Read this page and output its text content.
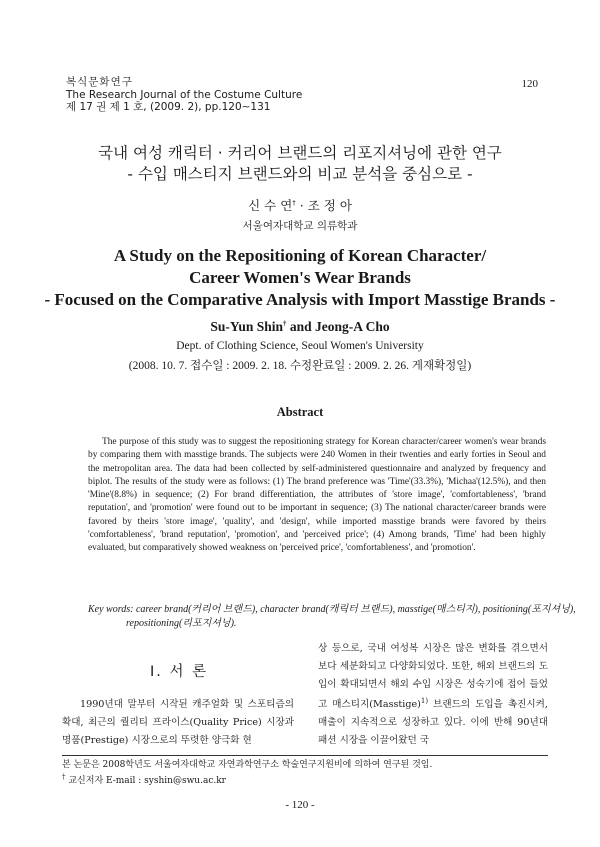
복식문화연구
The Research Journal of the Costume Culture
제 17 권 제 1 호, (2009. 2), pp.120∼131
120
국내 여성 캐릭터 · 커리어 브랜드의 리포지셔닝에 관한 연구
- 수입 매스티지 브랜드와의 비교 분석을 중심으로 -
신 수 연† · 조 정 아
서울여자대학교 의류학과
A Study on the Repositioning of Korean Character/
Career Women's Wear Brands
- Focused on the Comparative Analysis with Import Masstige Brands -
Su-Yun Shin† and Jeong-A Cho
Dept. of Clothing Science, Seoul Women's University
(2008. 10. 7. 접수일 : 2009. 2. 18. 수정완료일 : 2009. 2. 26. 게재확정일)
Abstract

The purpose of this study was to suggest the repositioning strategy for Korean character/career women's wear brands by comparing them with masstige brands. The subjects were 240 Women in their twenties and early forties in Seoul and the metropolitan area. The data had been collected by self-administered questionnaire and analyzed by frequency and biplot. The results of the study were as follows: (1) The brand preference was 'Time'(33.3%), 'Michaa'(12.5%), and then 'Mine'(8.8%) in sequence; (2) For brand differentiation, the attributes of 'store image', 'comfortableness', 'brand reputation', and 'promotion' were found out to be important in sequence; (3) The national character/career brands were favored by theirs 'store image', 'quality', and 'design', while imported masstige brands were favored by theirs 'comfortableness', 'brand reputation', 'promotion', and 'perceived price'; (4) Among brands, 'Time' had been highly evaluated, but comparatively showed weakness on 'perceived price', 'comfortableness', and 'promotion'.

Key words: career brand(커리어 브랜드), character brand(캐릭터 브랜드), masstige(매스티지), positioning(포지셔닝), repositioning(리포지셔닝).

Ⅰ. 서 론

1990년대 말부터 시작된 캐주얼화 및 스포티즘의 확대, 최근의 퀄리티 프라이스(Quality Price) 시장과 명품(Prestige) 시장으로의 뚜렷한 양극화 현

상 등으로, 국내 여성복 시장은 많은 변화를 겪으면서 보다 세분화되고 다양화되었다. 또한, 해외 브랜드의 도입이 확대되면서 해외 수입 시장은 성숙기에 접어 들었고 매스티지(Masstige)$^{1)}$ 브랜드의 도입을 촉진시켜, 매출이 지속적으로 성장하고 있다. 이에 반해 90년대 패션 시장을 이끌어왔던 국

본 논문은 2008학년도 서울여자대학교 자연과학연구소 학술연구지원비에 의하여 연구된 것임.
† 교신저자 E-mail : syshin@swu.ac.kr
- 120 -
